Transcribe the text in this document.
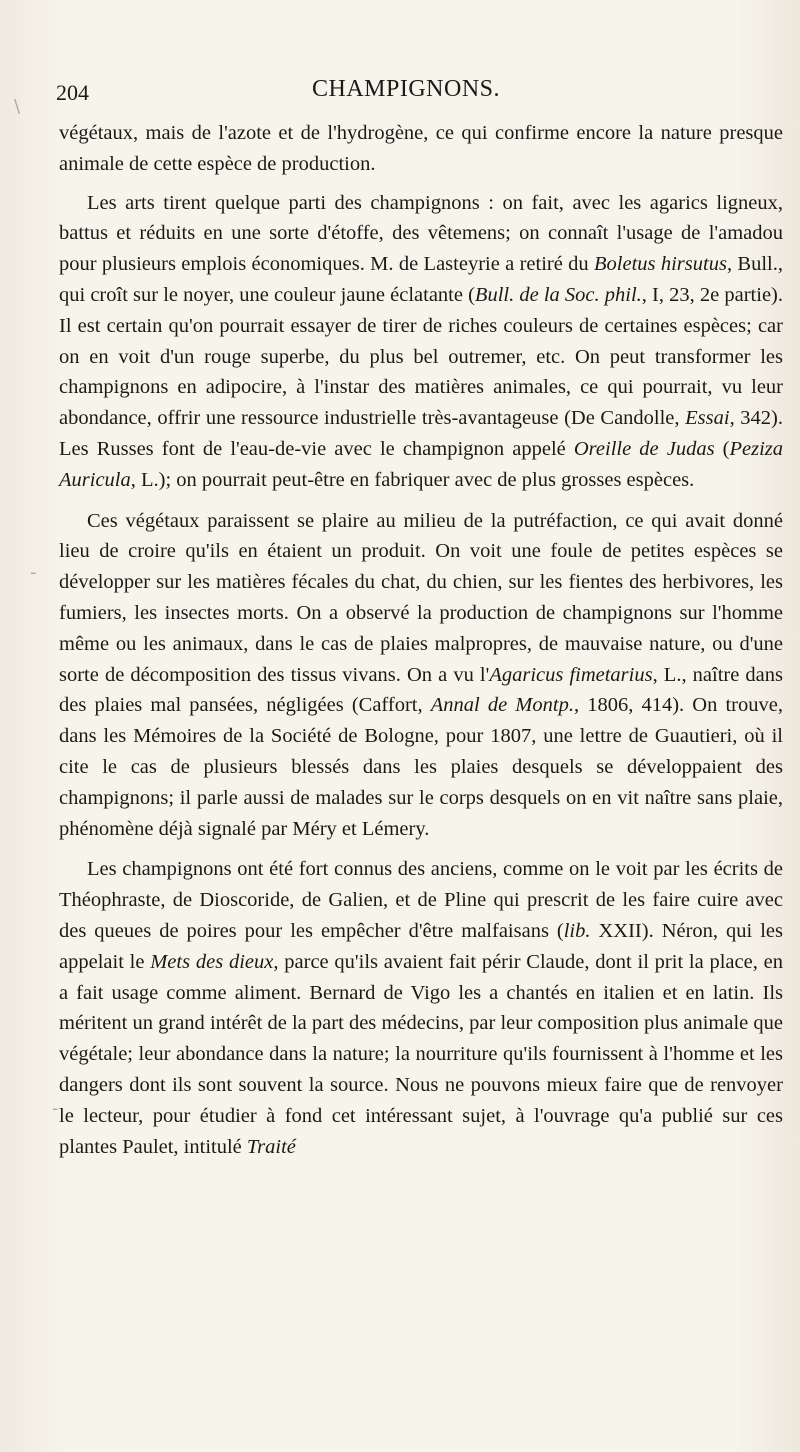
204	CHAMPIGNONS.
\
-
-

végétaux, mais de l'azote et de l'hydrogène, ce qui confirme encore la nature presque animale de cette espèce de production.

Les arts tirent quelque parti des champignons : on fait, avec les agarics ligneux, battus et réduits en une sorte d'étoffe, des vêtemens; on connaît l'usage de l'amadou pour plusieurs emplois économiques. M. de Lasteyrie a retiré du Boletus hirsutus, Bull., qui croît sur le noyer, une couleur jaune éclatante (Bull. de la Soc. phil., I, 23, 2e partie). Il est certain qu'on pourrait essayer de tirer de riches couleurs de certaines espèces; car on en voit d'un rouge superbe, du plus bel outremer, etc. On peut transformer les champignons en adipocire, à l'instar des matières animales, ce qui pourrait, vu leur abondance, offrir une ressource industrielle très-avantageuse (De Candolle, Essai, 342). Les Russes font de l'eau-de-vie avec le champignon appelé Oreille de Judas (Peziza Auricula, L.); on pourrait peut-être en fabriquer avec de plus grosses espèces.

Ces végétaux paraissent se plaire au milieu de la putréfaction, ce qui avait donné lieu de croire qu'ils en étaient un produit. On voit une foule de petites espèces se développer sur les matières fécales du chat, du chien, sur les fientes des herbivores, les fumiers, les insectes morts. On a observé la production de champignons sur l'homme même ou les animaux, dans le cas de plaies malpropres, de mauvaise nature, ou d'une sorte de décomposition des tissus vivans. On a vu l'Agaricus fimetarius, L., naître dans des plaies mal pansées, négligées (Caffort, Annal de Montp., 1806, 414). On trouve, dans les Mémoires de la Société de Bologne, pour 1807, une lettre de Guautieri, où il cite le cas de plusieurs blessés dans les plaies desquels se développaient des champignons; il parle aussi de malades sur le corps desquels on en vit naître sans plaie, phénomène déjà signalé par Méry et Lémery.

Les champignons ont été fort connus des anciens, comme on le voit par les écrits de Théophraste, de Dioscoride, de Galien, et de Pline qui prescrit de les faire cuire avec des queues de poires pour les empêcher d'être malfaisans (lib. XXII). Néron, qui les appelait le Mets des dieux, parce qu'ils avaient fait périr Claude, dont il prit la place, en a fait usage comme aliment. Bernard de Vigo les a chantés en italien et en latin. Ils méritent un grand intérêt de la part des médecins, par leur composition plus animale que végétale; leur abondance dans la nature; la nourriture qu'ils fournissent à l'homme et les dangers dont ils sont souvent la source. Nous ne pouvons mieux faire que de renvoyer le lecteur, pour étudier à fond cet intéressant sujet, à l'ouvrage qu'a publié sur ces plantes Paulet, intitulé Traité
